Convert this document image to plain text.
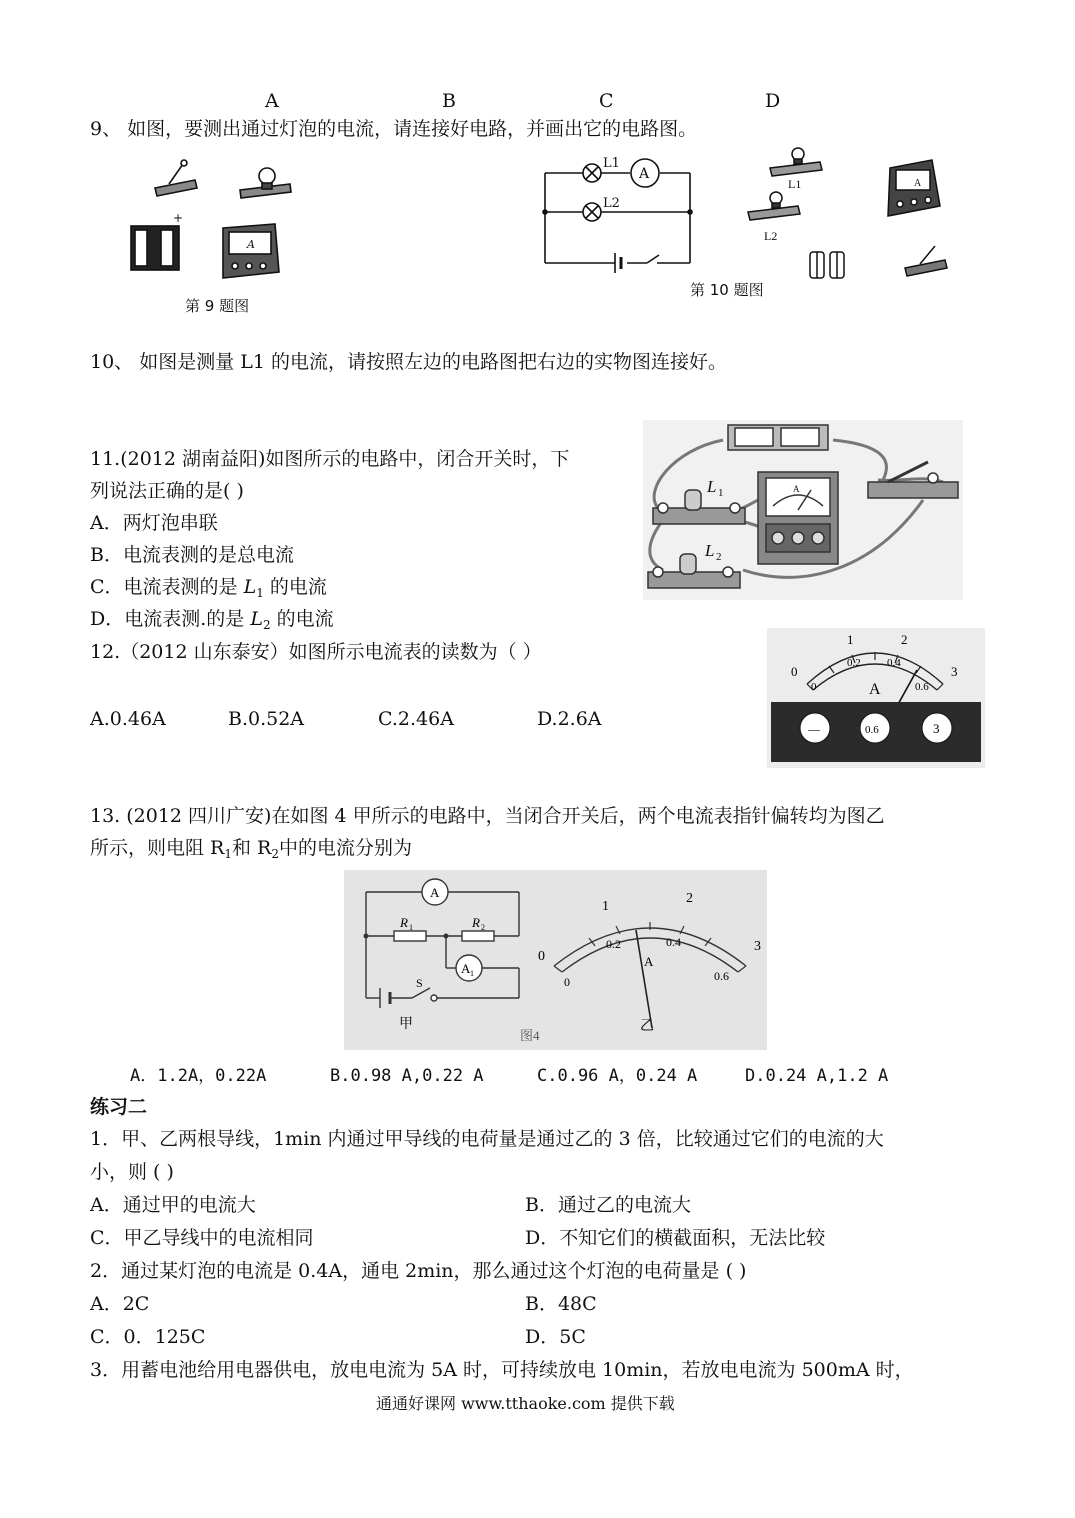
A	B	C	D
9、 如图，要测出通过灯泡的电流，请连接好电路，并画出它的电路图。
+
A
第 9 题图
L1
L2
A
L1
L2
A
第 10 题图
10、 如图是测量 L1 的电流，请按照左边的电路图把右边的实物图连接好。
11.(2012 湖南益阳)如图所示的电路中，闭合开关时，下
列说法正确的是( )
A．两灯泡串联
B．电流表测的是总电流
C．电流表测的是 $L_1$ 的电流
D．电流表测.的是 $L_2$ 的电流
L 1
L 2
A
12.（2012 山东泰安）如图所示电流表的读数为（ ）
A.0.46A	B.0.52A	C.2.46A	D.2.6A
0
1	2
3
0
0.2 0.4
0.6
A
—	0.6	3
13. (2012 四川广安)在如图 4 甲所示的电路中，当闭合开关后，两个电流表指针偏转均为图乙
所示，则电阻 $R_1$和 $R_2$中的电流分别为
A
A 1
R 1	R 2
S
甲
图4
0
1
2
3
0
0.2	0.4
0.6
A
乙
A．1.2A，0.22A	B.0.98 A,0.22 A	C.0.96 A，0.24 A	D.0.24 A,1.2 A
练习二
1．甲、乙两根导线，1min 内通过甲导线的电荷量是通过乙的 3 倍，比较通过它们的电流的大
小，则 ( )
A．通过甲的电流大	B．通过乙的电流大
C．甲乙导线中的电流相同	D．不知它们的横截面积，无法比较
2．通过某灯泡的电流是 0.4A，通电 2min，那么通过这个灯泡的电荷量是 ( )
A．2C	B．48C
C．0．125C	D．5C
3．用蓄电池给用电器供电，放电电流为 5A 时，可持续放电 10min，若放电电流为 500mA 时，
通通好课网 www.tthaoke.com 提供下载
